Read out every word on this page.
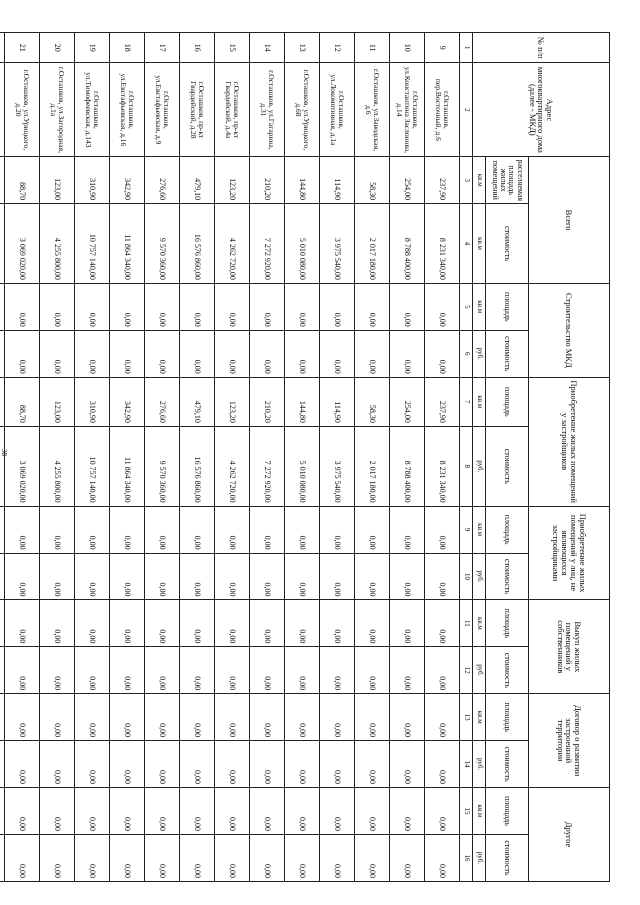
38
№ п/п	Адрес многоквартирного дома (далее - МКД)	Всего		Строительство МКД		Приобретение жилых помещений у застройщиков		Приобретение жилых помещений у лиц, не являющихся застройщиками		Выкуп жилых помещений у собственников		Договор о развитии застроенной территории		Другое	
		расселяемая площадь жилых помещений	стоимость	площадь	стоимость	площадь	стоимость	площадь	стоимость	площадь	стоимость	площадь	стоимость	площадь	стоимость
		кв.м	кв.м	кв.м	руб.	кв.м	руб.	кв.м	руб.	кв.м	руб.	кв.м	руб.	кв.м	руб.
1	2	3	4	5	6	7	8	9	10	11	12	13	14	15	16
9	г.Осташков, пер.Восточный, д.6	237,90	8 231 340,00	0,00	0,00	237,90	8 231 340,00	0,00	0,00	0,00	0,00	0,00	0,00	0,00	0,00
10	г.Осташков, ул.Константина Заслонова, д.14	254,00	8 788 400,00	0,00	0,00	254,00	8 788 400,00	0,00	0,00	0,00	0,00	0,00	0,00	0,00	0,00
11	г.Осташков, ул.Заводская, д.6	58,30	2 017 180,00	0,00	0,00	58,30	2 017 180,00	0,00	0,00	0,00	0,00	0,00	0,00	0,00	0,00
12	г.Осташков, ул.Локомотивная, д.1а	114,90	3 975 540,00	0,00	0,00	114,90	3 975 540,00	0,00	0,00	0,00	0,00	0,00	0,00	0,00	0,00
13	г.Осташков, ул.Урицкого, д.68	144,80	5 010 080,00	0,00	0,00	144,80	5 010 080,00	0,00	0,00	0,00	0,00	0,00	0,00	0,00	0,00
14	г.Осташков, ул.Гагарина, д.31	210,20	7 272 920,00	0,00	0,00	210,20	7 272 920,00	0,00	0,00	0,00	0,00	0,00	0,00	0,00	0,00
15	г.Осташков, пр-кт Гвардейский, д.4а	123,20	4 262 720,00	0,00	0,00	123,20	4 262 720,00	0,00	0,00	0,00	0,00	0,00	0,00	0,00	0,00
16	г.Осташков, пр-кт Гвардейский, д.28	479,10	16 576 860,00	0,00	0,00	479,10	16 576 860,00	0,00	0,00	0,00	0,00	0,00	0,00	0,00	0,00
17	г.Осташков, ул.Евстафьевская, д.9	276,60	9 570 360,00	0,00	0,00	276,60	9 570 360,00	0,00	0,00	0,00	0,00	0,00	0,00	0,00	0,00
18	г.Осташков, ул.Евстафьевская, д.16	342,90	11 864 340,00	0,00	0,00	342,90	11 864 340,00	0,00	0,00	0,00	0,00	0,00	0,00	0,00	0,00
19	г.Осташков, ул.Тимофеевская, д.143	310,90	10 757 140,00	0,00	0,00	310,90	10 757 140,00	0,00	0,00	0,00	0,00	0,00	0,00	0,00	0,00
20	г.Осташков, ул.Загородная, д.1а	123,00	4 255 800,00	0,00	0,00	123,00	4 255 800,00	0,00	0,00	0,00	0,00	0,00	0,00	0,00	0,00
21	г.Осташков, ул.Урицкого, д.20	88,70	3 069 020,00	0,00	0,00	88,70	3 069 020,00	0,00	0,00	0,00	0,00	0,00	0,00	0,00	0,00
